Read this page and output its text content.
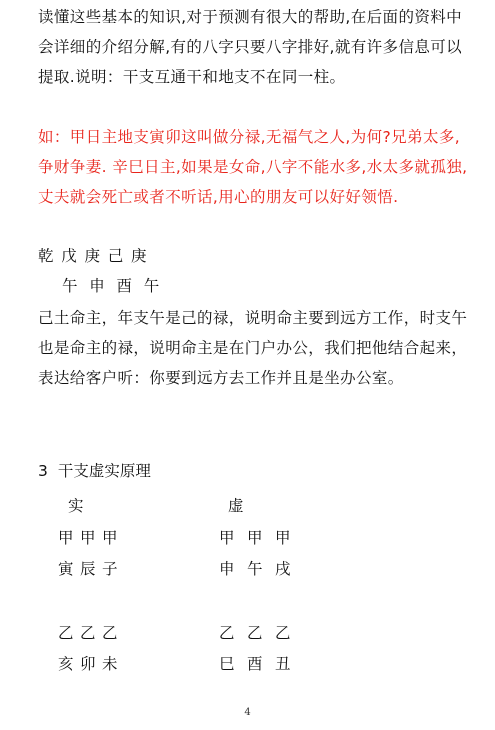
读懂这些基本的知识,对于预测有很大的帮助,在后面的资料中会详细的介绍分解,有的八字只要八字排好,就有许多信息可以提取.说明：干支互通干和地支不在同一柱。

如：甲日主地支寅卯这叫做分禄,无福气之人,为何?兄弟太多,争财争妻. 辛巳日主,如果是女命,八字不能水多,水太多就孤独,丈夫就会死亡或者不听话,用心的朋友可以好好领悟.

乾 戊 庚 己 庚
午 申 酉 午

己土命主，年支午是己的禄，说明命主要到远方工作，时支午也是命主的禄，说明命主是在门户办公，我们把他结合起来，表达给客户听：你要到远方去工作并且是坐办公室。

3 干支虚实原理
实	虚
甲 甲 甲
寅 辰 子
乙 乙 乙
亥 卯 未
甲 甲 甲
申 午 戌
乙 乙 乙
巳 酉 丑
4
